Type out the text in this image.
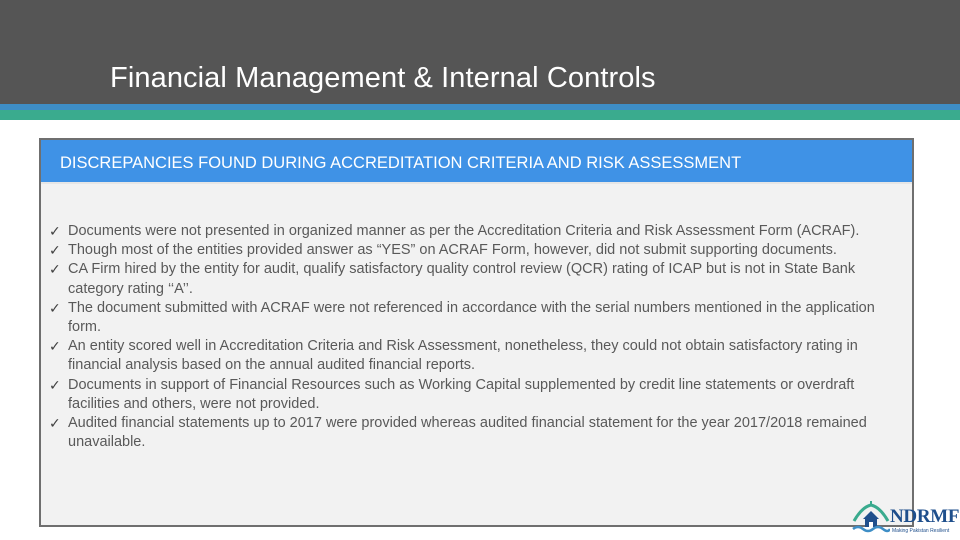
Financial Management & Internal Controls
DISCREPANCIES FOUND DURING ACCREDITATION CRITERIA AND RISK ASSESSMENT
✓ Documents were not presented in organized manner as per the Accreditation Criteria and Risk Assessment Form (ACRAF).
✓ Though most of the entities provided answer as “YES” on ACRAF Form, however, did not submit supporting documents.
✓ CA Firm hired by the entity for audit, qualify satisfactory quality control review (QCR) rating of ICAP but is not in State Bank category rating ‘‘A’’.
✓ The document submitted with ACRAF were not referenced in accordance with the serial numbers mentioned in the application form.
✓ An entity scored well in Accreditation Criteria and Risk Assessment, nonetheless, they could not obtain satisfactory rating in financial analysis based on the annual audited financial reports.
✓ Documents in support of Financial Resources such as Working Capital supplemented by credit line statements or overdraft facilities and others, were not provided.
✓ Audited financial statements up to 2017 were provided whereas audited financial statement for the year 2017/2018 remained unavailable.
NDRMF
Making Pakistan Resilient
